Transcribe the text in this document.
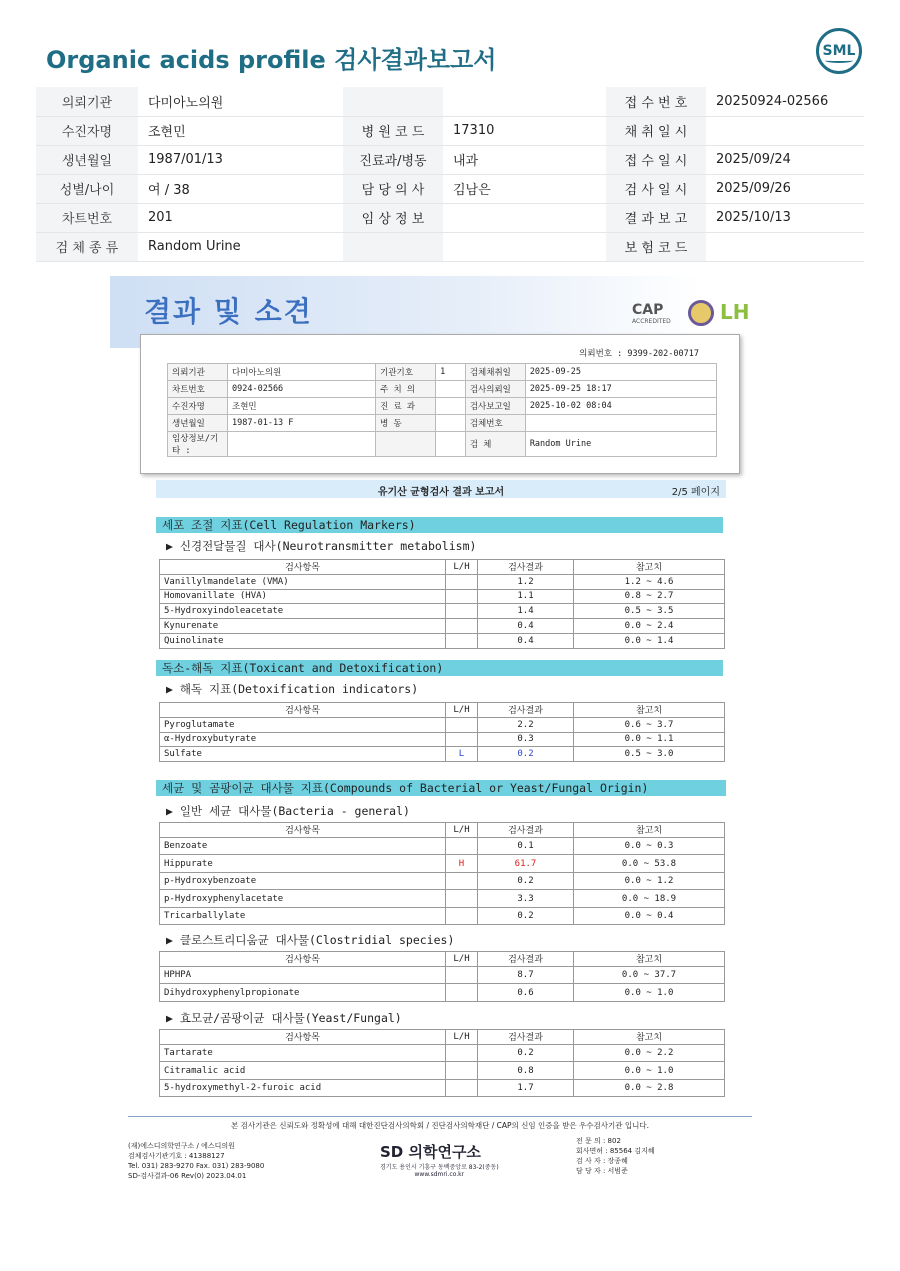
Organic acids profile 검사결과보고서	SML
의뢰기관	다미아노의원			접 수 번 호	20250924-02566
수진자명	조현민	병 원 코 드	17310	채 취 일 시	
생년월일	1987/01/13	진료과/병동	내과	접 수 일 시	2025/09/24
성별/나이	여 / 38	담 당 의 사	김남은	검 사 일 시	2025/09/26
차트번호	201	임 상 정 보		결 과 보 고	2025/10/13
검 체 종 류	Random Urine			보 험 코 드	
결과 및 소견	CAP
ACCREDITED LH
의뢰번호 : 9399-202-00717
의뢰기관	다미아노의원	기관기호	1	검체채취일	2025-09-25
차트번호	0924-02566	주 치 의		검사의뢰일	2025-09-25 18:17
수진자명	조현민	진 료 과		검사보고일	2025-10-02 08:04
생년월일	1987-01-13 F	병 동		검체번호	
임상정보/기타 :				검 체	Random Urine
유기산 균형검사 결과 보고서	2/5 페이지
세포 조절 지표(Cell Regulation Markers)
▶ 신경전달물질 대사(Neurotransmitter metabolism)
검사항목	L/H	검사결과	참고치
Vanillylmandelate (VMA)		1.2	1.2 ~ 4.6
Homovanillate (HVA)		1.1	0.8 ~ 2.7
5-Hydroxyindoleacetate		1.4	0.5 ~ 3.5
Kynurenate		0.4	0.0 ~ 2.4
Quinolinate		0.4	0.0 ~ 1.4
독소-해독 지표(Toxicant and Detoxification)
▶ 해독 지표(Detoxification indicators)
검사항목	L/H	검사결과	참고치
Pyroglutamate		2.2	0.6 ~ 3.7
α-Hydroxybutyrate		0.3	0.0 ~ 1.1
Sulfate	L	0.2	0.5 ~ 3.0
세균 및 곰팡이균 대사물 지표(Compounds of Bacterial or Yeast/Fungal Origin)
▶ 일반 세균 대사물(Bacteria - general)
검사항목	L/H	검사결과	참고치
Benzoate		0.1	0.0 ~ 0.3
Hippurate	H	61.7	0.0 ~ 53.8
p-Hydroxybenzoate		0.2	0.0 ~ 1.2
p-Hydroxyphenylacetate		3.3	0.0 ~ 18.9
Tricarballylate		0.2	0.0 ~ 0.4
▶ 클로스트리디움균 대사물(Clostridial species)
검사항목	L/H	검사결과	참고치
HPHPA		8.7	0.0 ~ 37.7
Dihydroxyphenylpropionate		0.6	0.0 ~ 1.0
▶ 효모균/곰팡이균 대사물(Yeast/Fungal)
검사항목	L/H	검사결과	참고치
Tartarate		0.2	0.0 ~ 2.2
Citramalic acid		0.8	0.0 ~ 1.0
5-hydroxymethyl-2-furoic acid		1.7	0.0 ~ 2.8
본 검사기관은 신뢰도와 정확성에 대해 대한진단검사의학회 / 진단검사의학재단 / CAP의 신임 인증을 받은 우수검사기관 입니다.
(재)에스디의학연구소 / 에스디의원
검체검사기관기호 : 41388127
Tel. 031) 283-9270 Fax. 031) 283-9080
SD-검사결과-06 Rev(0) 2023.04.01
SD 의학연구소
경기도 용인시 기흥구 동백중앙로 83-2(중동)
www.sdmri.co.kr
전 문 의 : 802
회사면허 : 85564 김지혜
검 사 자 : 장종혜
담 당 자 : 서범준
